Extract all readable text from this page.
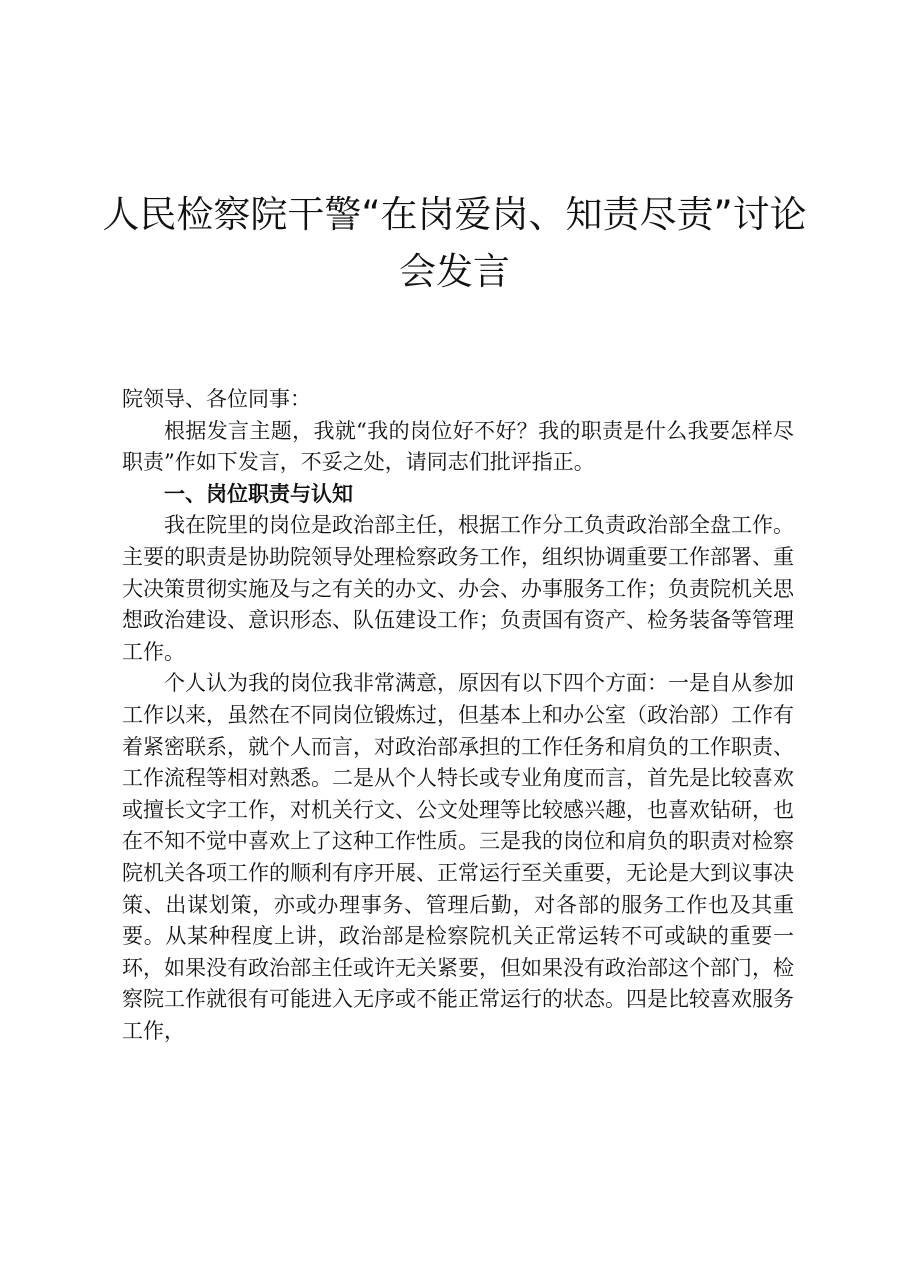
人民检察院干警“在岗爱岗、知责尽责”讨论
会发言

院领导、各位同事：

根据发言主题，我就“我的岗位好不好？我的职责是什么我要怎样尽职责”作如下发言，不妥之处，请同志们批评指正。

一、岗位职责与认知

我在院里的岗位是政治部主任，根据工作分工负责政治部全盘工作。主要的职责是协助院领导处理检察政务工作，组织协调重要工作部署、重大决策贯彻实施及与之有关的办文、办会、办事服务工作；负责院机关思想政治建设、意识形态、队伍建设工作；负责国有资产、检务装备等管理工作。

个人认为我的岗位我非常满意，原因有以下四个方面：一是自从参加工作以来，虽然在不同岗位锻炼过，但基本上和办公室（政治部）工作有着紧密联系，就个人而言，对政治部承担的工作任务和肩负的工作职责、工作流程等相对熟悉。二是从个人特长或专业角度而言，首先是比较喜欢或擅长文字工作，对机关行文、公文处理等比较感兴趣，也喜欢钻研，也在不知不觉中喜欢上了这种工作性质。三是我的岗位和肩负的职责对检察院机关各项工作的顺利有序开展、正常运行至关重要，无论是大到议事决策、出谋划策，亦或办理事务、管理后勤，对各部的服务工作也及其重要。从某种程度上讲，政治部是检察院机关正常运转不可或缺的重要一环，如果没有政治部主任或许无关紧要，但如果没有政治部这个部门，检察院工作就很有可能进入无序或不能正常运行的状态。四是比较喜欢服务工作，
